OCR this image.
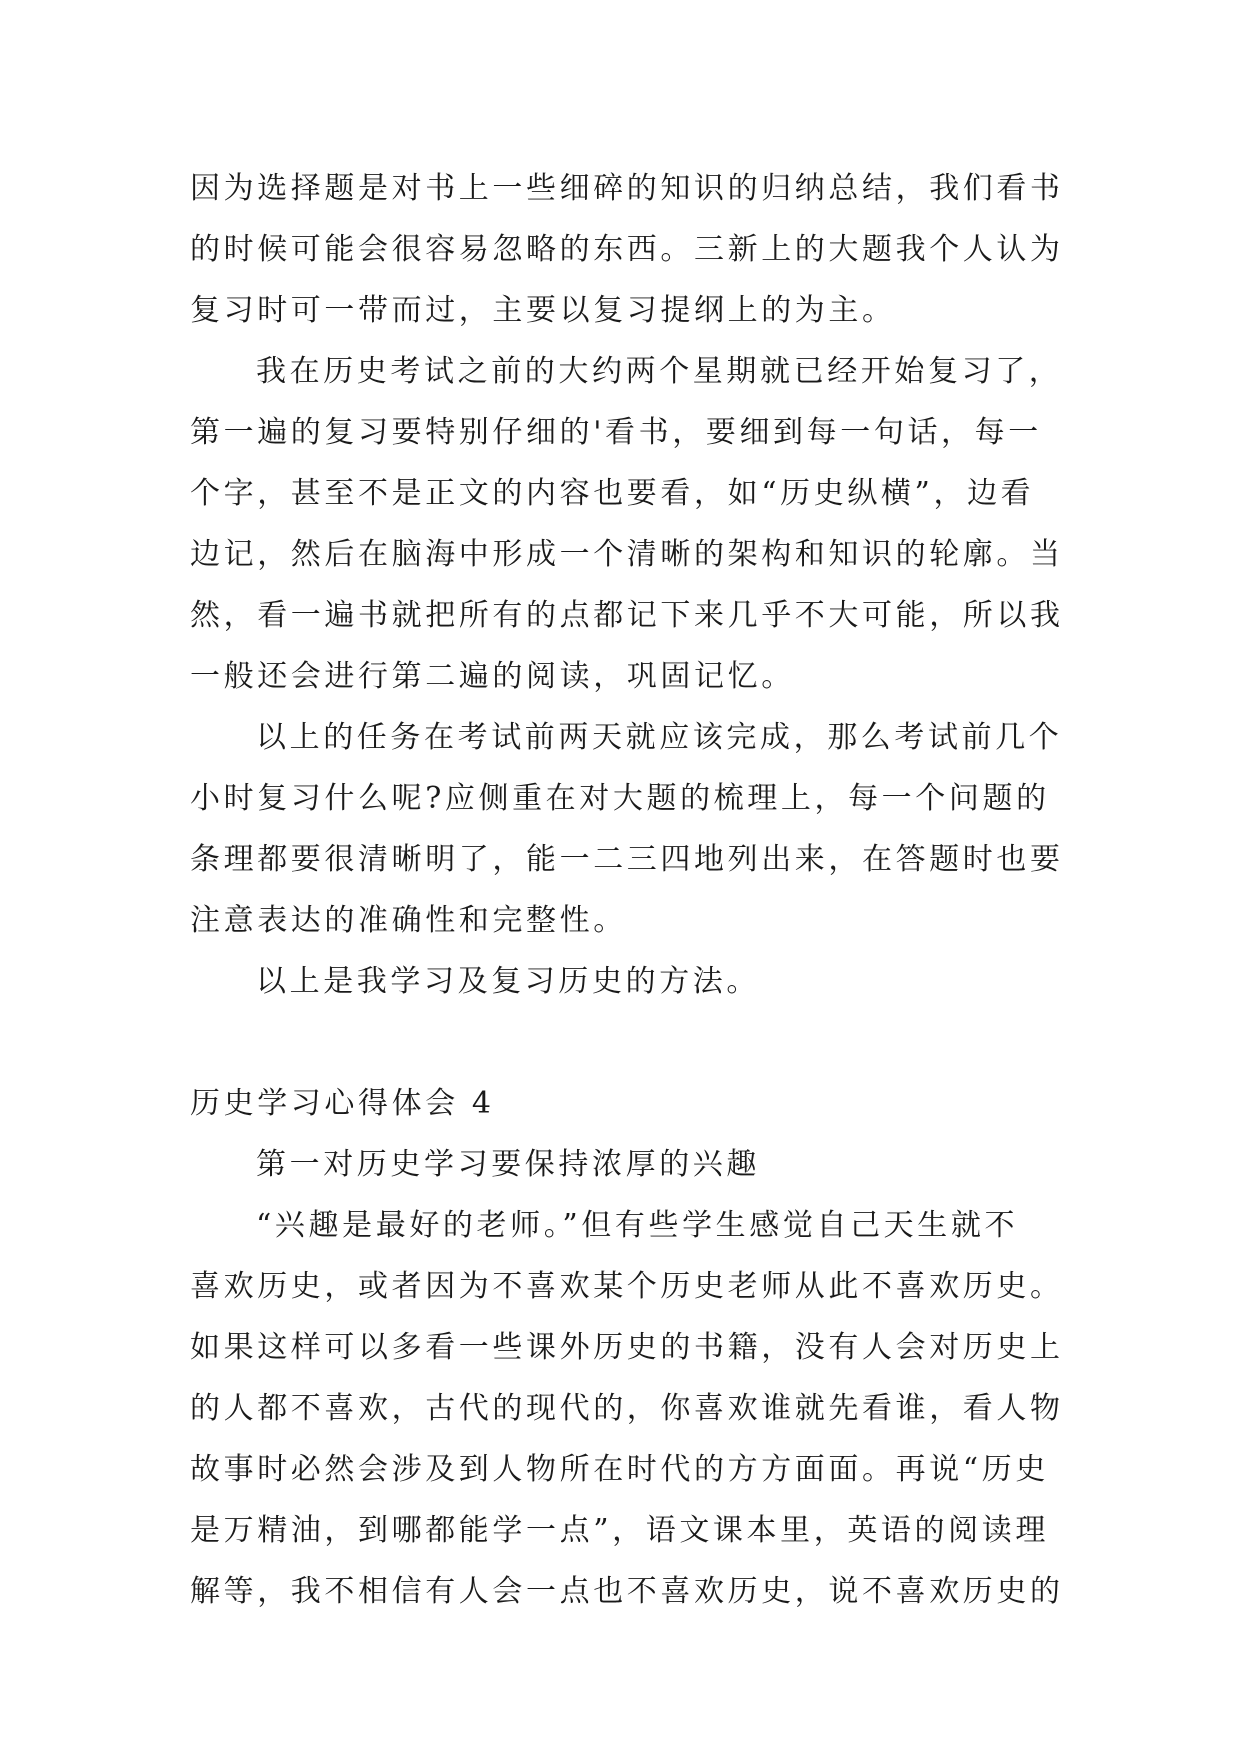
因为选择题是对书上一些细碎的知识的归纳总结，我们看书
的时候可能会很容易忽略的东西。三新上的大题我个人认为
复习时可一带而过，主要以复习提纲上的为主。
我在历史考试之前的大约两个星期就已经开始复习了，
第一遍的复习要特别仔细的'看书，要细到每一句话，每一
个字，甚至不是正文的内容也要看，如“历史纵横”，边看
边记，然后在脑海中形成一个清晰的架构和知识的轮廓。当
然，看一遍书就把所有的点都记下来几乎不大可能，所以我
一般还会进行第二遍的阅读，巩固记忆。
以上的任务在考试前两天就应该完成，那么考试前几个
小时复习什么呢?应侧重在对大题的梳理上，每一个问题的
条理都要很清晰明了，能一二三四地列出来，在答题时也要
注意表达的准确性和完整性。
以上是我学习及复习历史的方法。
历史学习心得体会 4
第一对历史学习要保持浓厚的兴趣
“兴趣是最好的老师。”但有些学生感觉自己天生就不
喜欢历史，或者因为不喜欢某个历史老师从此不喜欢历史。
如果这样可以多看一些课外历史的书籍，没有人会对历史上
的人都不喜欢，古代的现代的，你喜欢谁就先看谁，看人物
故事时必然会涉及到人物所在时代的方方面面。再说“历史
是万精油，到哪都能学一点”，语文课本里，英语的阅读理
解等，我不相信有人会一点也不喜欢历史，说不喜欢历史的
